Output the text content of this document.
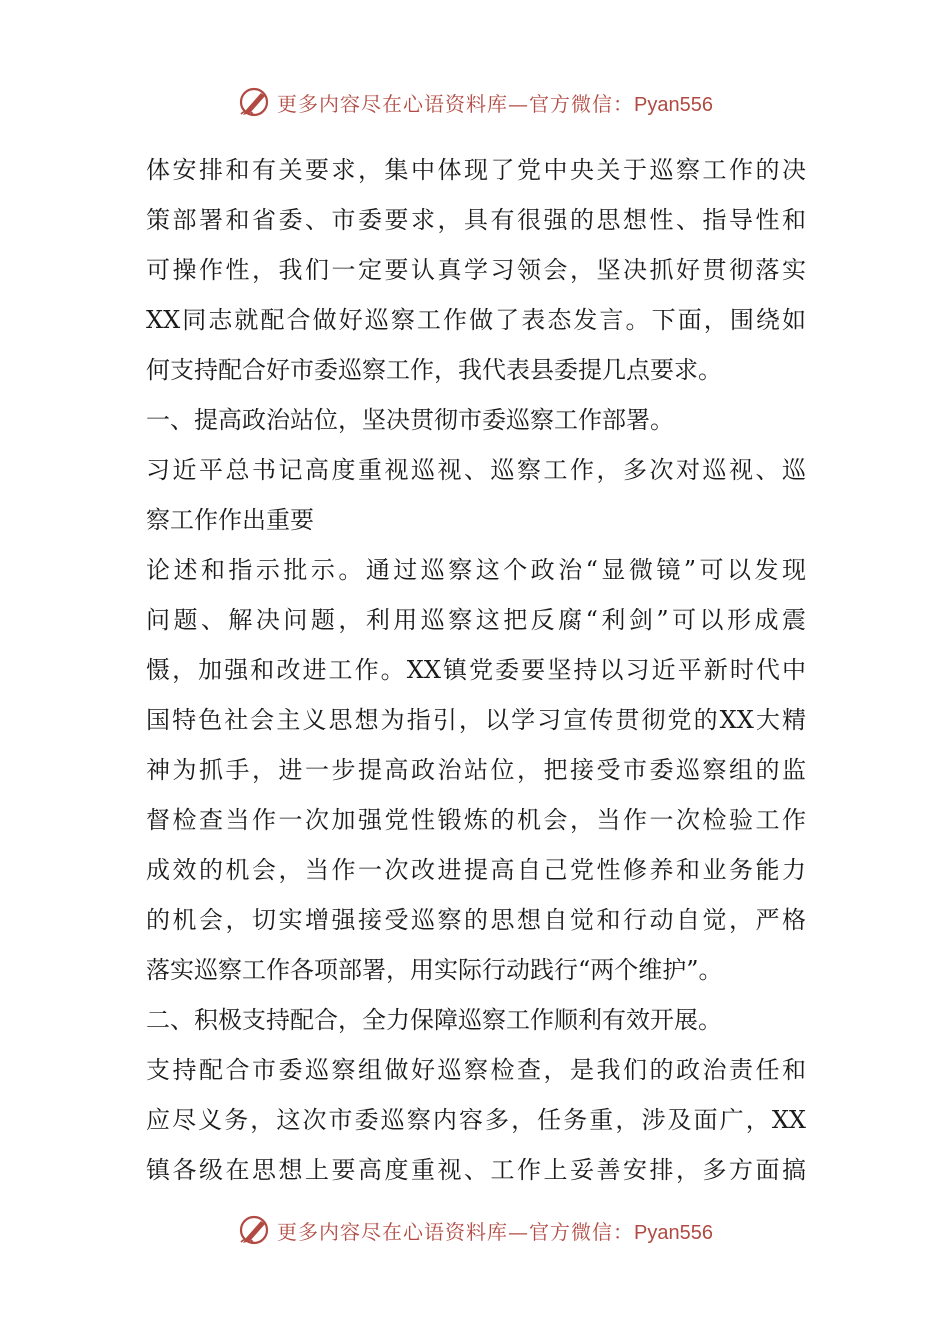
更多内容尽在心语资料库—官方微信：Pyan556
体安排和有关要求，集中体现了党中央关于巡察工作的决
策部署和省委、市委要求，具有很强的思想性、指导性和
可操作性，我们一定要认真学习领会，坚决抓好贯彻落实
XX同志就配合做好巡察工作做了表态发言。下面，围绕如
何支持配合好市委巡察工作，我代表县委提几点要求。
一、提高政治站位，坚决贯彻市委巡察工作部署。
习近平总书记高度重视巡视、巡察工作，多次对巡视、巡
察工作作出重要
论述和指示批示。通过巡察这个政治“显微镜”可以发现
问题、解决问题，利用巡察这把反腐“利剑”可以形成震
慑，加强和改进工作。XX镇党委要坚持以习近平新时代中
国特色社会主义思想为指引，以学习宣传贯彻党的XX大精
神为抓手，进一步提高政治站位，把接受市委巡察组的监
督检查当作一次加强党性锻炼的机会，当作一次检验工作
成效的机会，当作一次改进提高自己党性修养和业务能力
的机会，切实增强接受巡察的思想自觉和行动自觉，严格
落实巡察工作各项部署，用实际行动践行“两个维护”。
二、积极支持配合，全力保障巡察工作顺利有效开展。
支持配合市委巡察组做好巡察检查，是我们的政治责任和
应尽义务，这次市委巡察内容多，任务重，涉及面广，XX
镇各级在思想上要高度重视、工作上妥善安排，多方面搞
更多内容尽在心语资料库—官方微信：Pyan556
